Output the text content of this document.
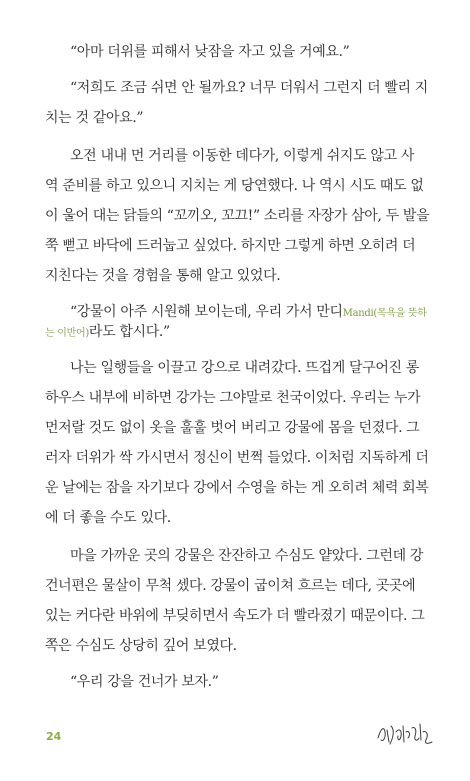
“아마 더위를 피해서 낮잠을 자고 있을 거예요.”
“저희도 조금 쉬면 안 될까요? 너무 더워서 그런지 더 빨리 지
치는 것 같아요.”
오전 내내 먼 거리를 이동한 데다가, 이렇게 쉬지도 않고 사
역 준비를 하고 있으니 지치는 게 당연했다. 나 역시 시도 때도 없
이 울어 대는 닭들의 “꼬끼오, 꼬끄!” 소리를 자장가 삼아, 두 발을
쭉 뻗고 바닥에 드러눕고 싶었다. 하지만 그렇게 하면 오히려 더
지친다는 것을 경험을 통해 알고 있었다.
“강물이 아주 시원해 보이는데, 우리 가서 만디Mandi(목욕을 뜻하
는 이반어)라도 합시다.”
나는 일행들을 이끌고 강으로 내려갔다. 뜨겁게 달구어진 롱
하우스 내부에 비하면 강가는 그야말로 천국이었다. 우리는 누가
먼저랄 것도 없이 옷을 훌훌 벗어 버리고 강물에 몸을 던졌다. 그
러자 더위가 싹 가시면서 정신이 번쩍 들었다. 이처럼 지독하게 더
운 날에는 잠을 자기보다 강에서 수영을 하는 게 오히려 체력 회복
에 더 좋을 수도 있다.
마을 가까운 곳의 강물은 잔잔하고 수심도 얕았다. 그런데 강
건너편은 물살이 무척 셌다. 강물이 굽이쳐 흐르는 데다, 곳곳에
있는 커다란 바위에 부딪히면서 속도가 더 빨라졌기 때문이다. 그
쪽은 수심도 상당히 깊어 보였다.
“우리 강을 건너가 보자.”
24
